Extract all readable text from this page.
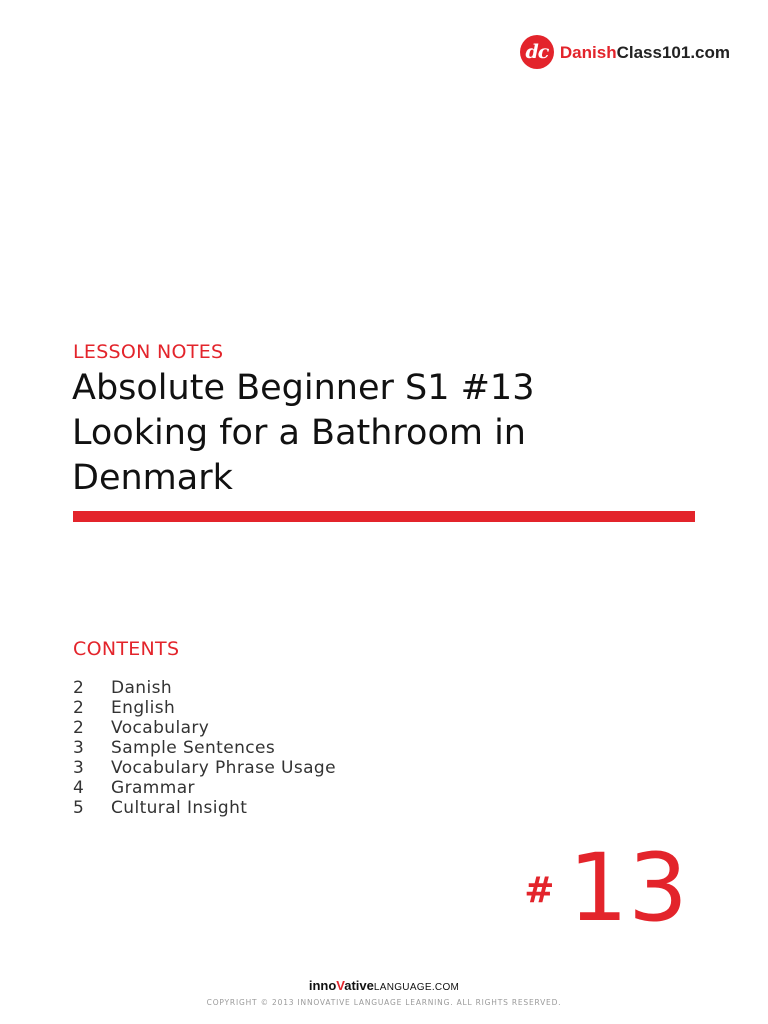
dc DanishClass101.com
LESSON NOTES
Absolute Beginner S1 #13
Looking for a Bathroom in
Denmark
CONTENTS
2	Danish
2	English
2	Vocabulary
3	Sample Sentences
3	Vocabulary Phrase Usage
4	Grammar
5	Cultural Insight
# 13
innoVativeLANGUAGE.COM
COPYRIGHT © 2013 INNOVATIVE LANGUAGE LEARNING. ALL RIGHTS RESERVED.
